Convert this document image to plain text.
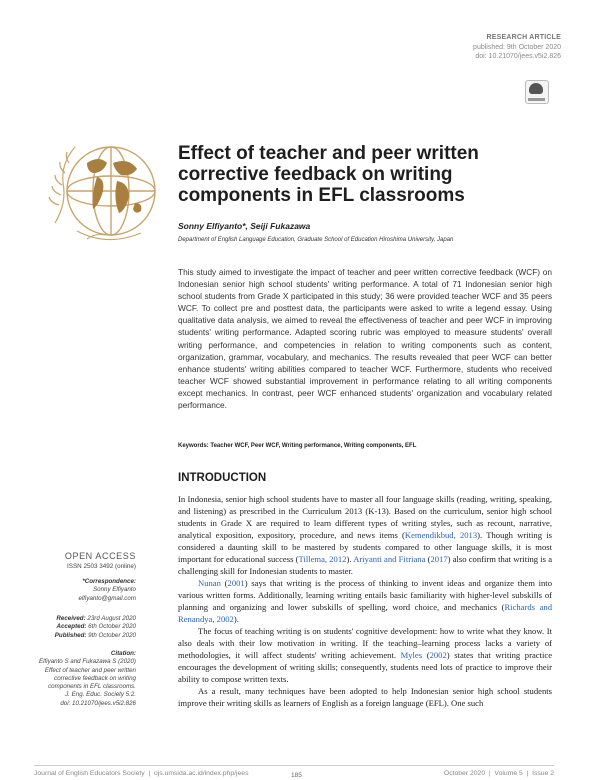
RESEARCH ARTICLE
published: 9th October 2020
doi: 10.21070/jees.v5i2.826
Effect of teacher and peer written
corrective feedback on writing
components in EFL classrooms
Sonny Elfiyanto*, Seiji Fukazawa
Department of English Language Education, Graduate School of Education Hiroshima University, Japan
This study aimed to investigate the impact of teacher and peer written corrective feedback (WCF) on Indonesian senior high school students' writing performance. A total of 71 Indonesian senior high school students from Grade X participated in this study; 36 were provided teacher WCF and 35 peers WCF. To collect pre and posttest data, the participants were asked to write a legend essay. Using qualitative data analysis, we aimed to reveal the effectiveness of teacher and peer WCF in improving students' writing performance. Adapted scoring rubric was employed to measure students' overall writing performance, and competencies in relation to writing components such as content, organization, grammar, vocabulary, and mechanics. The results revealed that peer WCF can better enhance students' writing abilities compared to teacher WCF. Furthermore, students who received teacher WCF showed substantial improvement in performance relating to all writing components except mechanics. In contrast, peer WCF enhanced students' organization and vocabulary related performance.
Keywords: Teacher WCF, Peer WCF, Writing performance, Writing components, EFL
INTRODUCTION

In Indonesia, senior high school students have to master all four language skills (reading, writing, speaking, and listening) as prescribed in the Curriculum 2013 (K-13). Based on the curriculum, senior high school students in Grade X are required to learn different types of writing styles, such as recount, narrative, analytical exposition, expository, procedure, and news items (Kemendikbud, 2013). Though writing is considered a daunting skill to be mastered by students compared to other language skills, it is most important for educational success (Tillema, 2012). Ariyanti and Fitriana (2017) also confirm that writing is a challenging skill for Indonesian students to master.

Nunan (2001) says that writing is the process of thinking to invent ideas and organize them into various written forms. Additionally, learning writing entails basic familiarity with higher-level subskills of planning and organizing and lower subskills of spelling, word choice, and mechanics (Richards and Renandya, 2002).

The focus of teaching writing is on students' cognitive development: how to write what they know. It also deals with their low motivation in writing. If the teaching–learning process lacks a variety of methodologies, it will affect students' writing achievement. Myles (2002) states that writing practice encourages the development of writing skills; consequently, students need lots of practice to improve their ability to compose written texts.

As a result, many techniques have been adopted to help Indonesian senior high school students improve their writing skills as learners of English as a foreign language (EFL). One such

OPEN ACCESS
ISSN 2503 3492 (online)
*Correspondence:
Sonny Elfiyanto
elfiyanto@gmail.com
Received: 23rd August 2020
Accepted: 6th October 2020
Published: 9th October 2020
Citation:
Elfiyanto S and Fukazawa S (2020)
Effect of teacher and peer written
corrective feedback on writing
components in EFL classrooms.
J. Eng. Educ. Society 5:2.
doi: 10.21070/jees.v5i2.826
Journal of English Educators Society  |  ojs.umsida.ac.id/index.php/jees	October 2020  |  Volume 5  |  Issue 2
185
